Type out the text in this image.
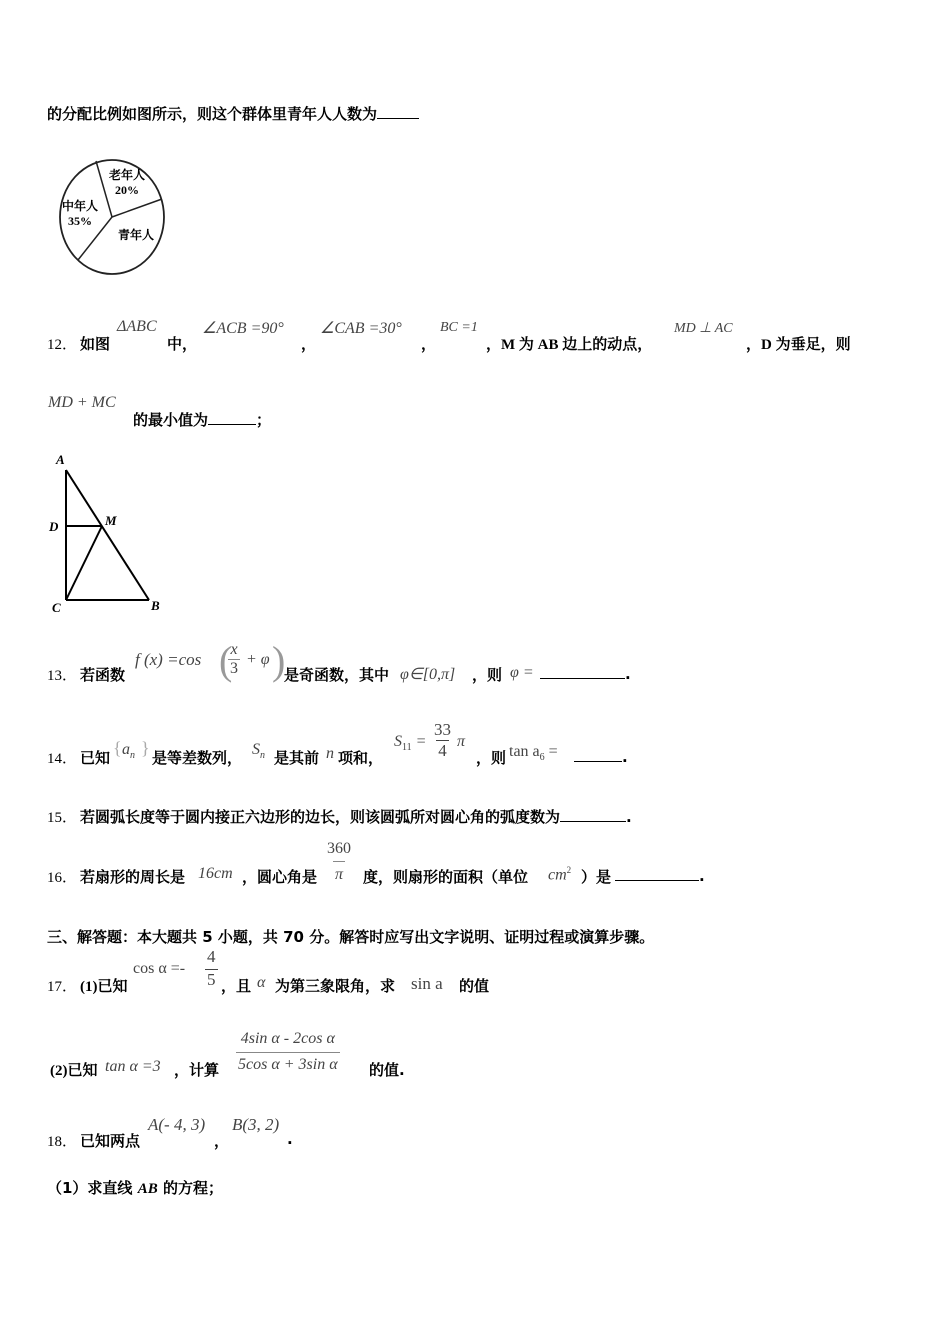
的分配比例如图所示，则这个群体里青年人人数为
老年人
20%
中年人
35%
青年人
12． 如图
ΔABC
中，
∠ACB =90°
，
∠CAB =30°
，
BC =1
，M 为 AB 边上的动点，
MD ⊥ AC
，D 为垂足，则
MD + MC
的最小值为	；
A
D	M
C	B
13． 若函数
f (x) =cos (
$\frac{x}{3} + \varphi$ )
是奇函数，其中 φ∈[0,π] ，则 φ =	.
14． 已知 { $a_n$ } 是等差数列， $S_n$ 是其前 n 项和，
$S_{11} = \frac{33}{4}$ π
，则 $\tan a_6$ =	.
15． 若圆弧长度等于圆内接正六边形的边长，则该圆弧所对圆心角的弧度数为	.
16． 若扇形的周长是 16cm ，圆心角是 $\frac{360}{\pi}$ 度，则扇形的面积（单位 $cm^2$ ）是	.
三、解答题：本大题共 5 小题，共 70 分。解答时应写出文字说明、证明过程或演算步骤。
17． (1)已知
$\cos \alpha =- \frac{4}{5}$ ，且 α 为第三象限角，求 sin a 的值
(2)已知 tan α =3 ，计算 $\frac{\text{4sin α - 2cos α}}{\text{5cos α + 3sin α}}$ 的值.
18． 已知两点
A(- 4, 3)
，
B(3, 2)
.
（1）求直线 AB 的方程；
